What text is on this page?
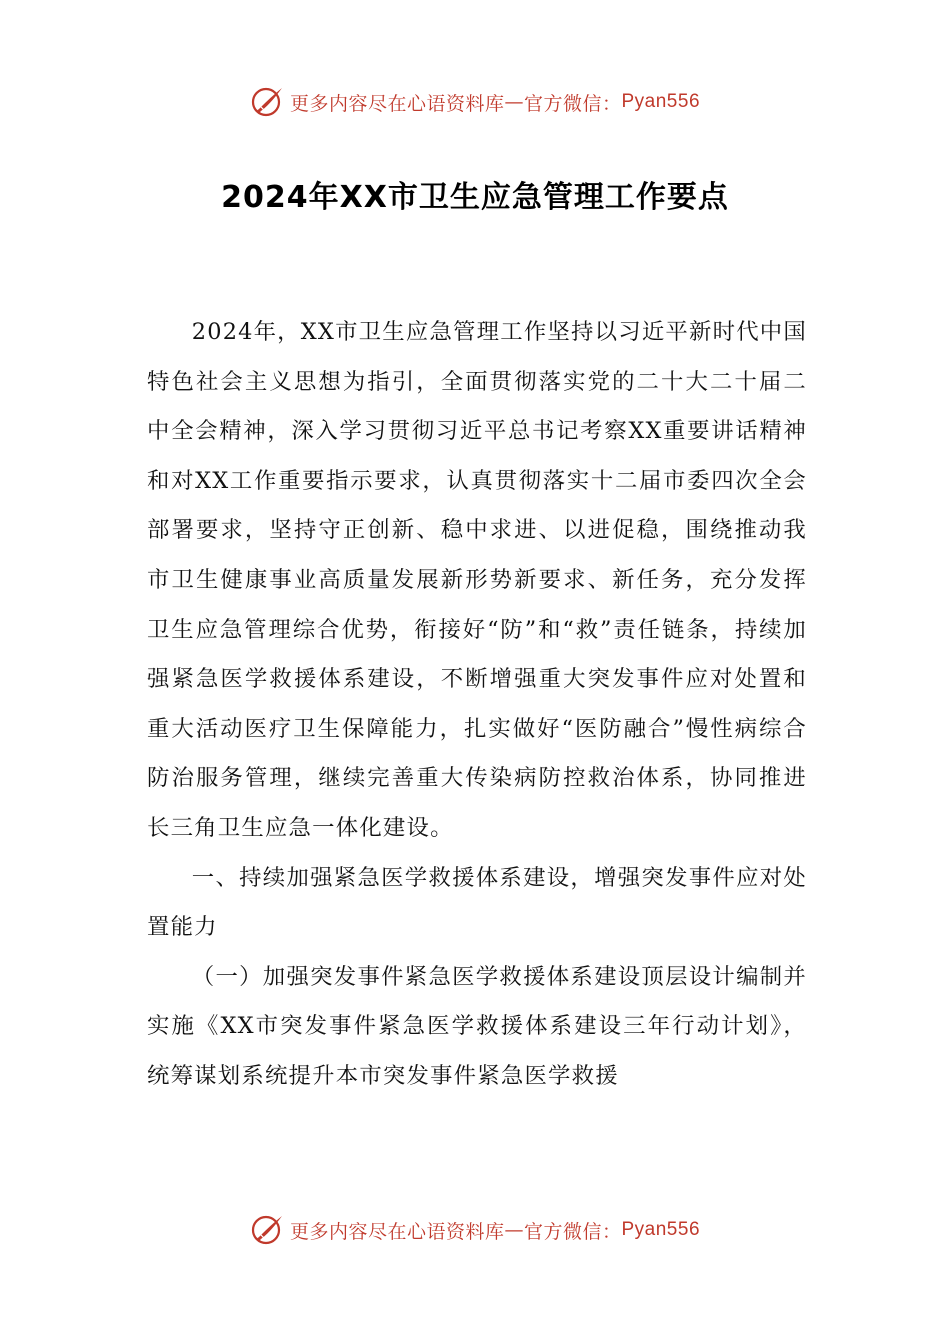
更多内容尽在心语资料库 — 官方微信： Pyan556
2024年XX市卫生应急管理工作要点

2024年，XX市卫生应急管理工作坚持以习近平新时代中国特色社会主义思想为指引，全面贯彻落实党的二十大二十届二中全会精神，深入学习贯彻习近平总书记考察XX重要讲话精神和对XX工作重要指示要求，认真贯彻落实十二届市委四次全会部署要求，坚持守正创新、稳中求进、以进促稳，围绕推动我市卫生健康事业高质量发展新形势新要求、新任务，充分发挥卫生应急管理综合优势，衔接好“防”和“救”责任链条，持续加强紧急医学救援体系建设，不断增强重大突发事件应对处置和重大活动医疗卫生保障能力，扎实做好“医防融合”慢性病综合防治服务管理，继续完善重大传染病防控救治体系，协同推进长三角卫生应急一体化建设。

一、持续加强紧急医学救援体系建设，增强突发事件应对处置能力

（一）加强突发事件紧急医学救援体系建设顶层设计编制并实施《XX市突发事件紧急医学救援体系建设三年行动计划》，统筹谋划系统提升本市突发事件紧急医学救援

更多内容尽在心语资料库 — 官方微信： Pyan556
